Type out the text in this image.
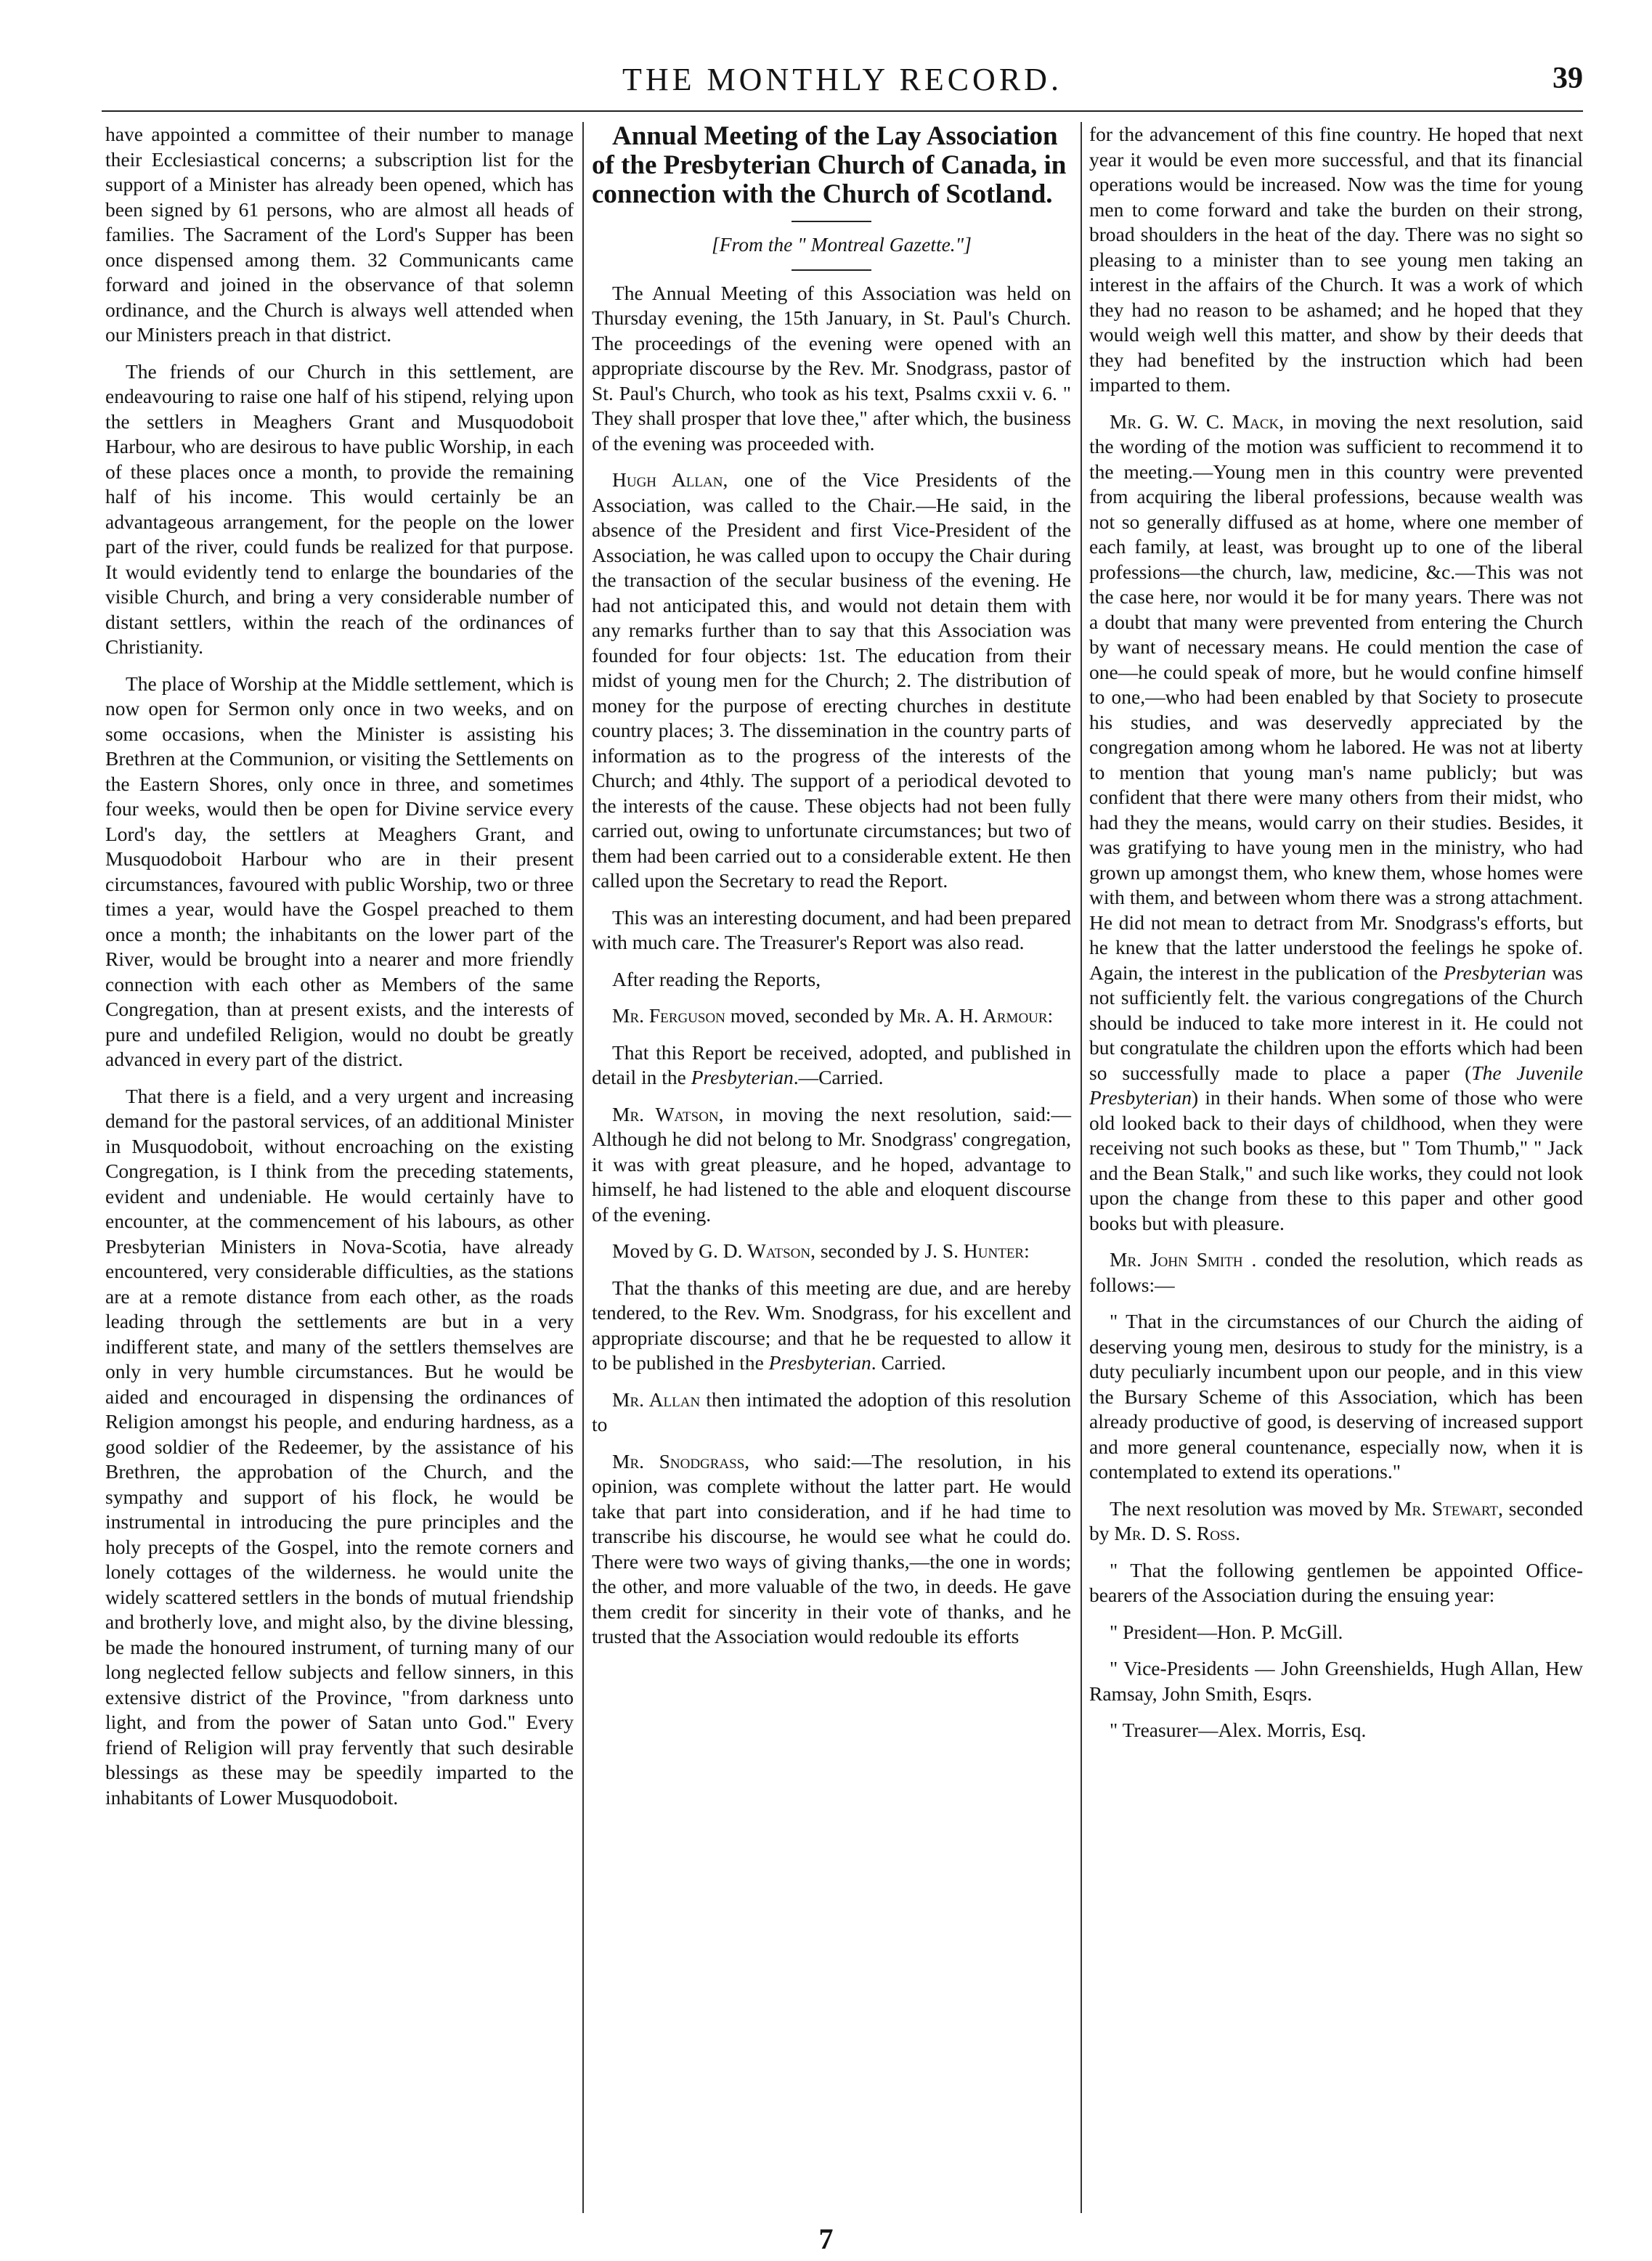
THE MONTHLY RECORD.	39

have appointed a committee of their number to manage their Ecclesiastical concerns; a subscription list for the support of a Minister has already been opened, which has been signed by 61 persons, who are almost all heads of families. The Sacrament of the Lord's Supper has been once dispensed among them. 32 Communicants came forward and joined in the observance of that solemn ordinance, and the Church is always well attended when our Ministers preach in that district.

The friends of our Church in this settlement, are endeavouring to raise one half of his stipend, relying upon the settlers in Meaghers Grant and Musquodoboit Harbour, who are desirous to have public Worship, in each of these places once a month, to provide the remaining half of his income. This would certainly be an advantageous arrangement, for the people on the lower part of the river, could funds be realized for that purpose. It would evidently tend to enlarge the boundaries of the visible Church, and bring a very considerable number of distant settlers, within the reach of the ordinances of Christianity.

The place of Worship at the Middle settlement, which is now open for Sermon only once in two weeks, and on some occasions, when the Minister is assisting his Brethren at the Communion, or visiting the Settlements on the Eastern Shores, only once in three, and sometimes four weeks, would then be open for Divine service every Lord's day, the settlers at Meaghers Grant, and Musquodoboit Harbour who are in their present circumstances, favoured with public Worship, two or three times a year, would have the Gospel preached to them once a month; the inhabitants on the lower part of the River, would be brought into a nearer and more friendly connection with each other as Members of the same Congregation, than at present exists, and the interests of pure and undefiled Religion, would no doubt be greatly advanced in every part of the district.

That there is a field, and a very urgent and increasing demand for the pastoral services, of an additional Minister in Musquodoboit, without encroaching on the existing Congregation, is I think from the preceding statements, evident and undeniable. He would certainly have to encounter, at the commencement of his labours, as other Presbyterian Ministers in Nova-Scotia, have already encountered, very considerable difficulties, as the stations are at a remote distance from each other, as the roads leading through the settlements are but in a very indifferent state, and many of the settlers themselves are only in very humble circumstances. But he would be aided and encouraged in dispensing the ordinances of Religion amongst his people, and enduring hardness, as a good soldier of the Redeemer, by the assistance of his Brethren, the approbation of the Church, and the sympathy and support of his flock, he would be instrumental in introducing the pure principles and the holy precepts of the Gospel, into the remote corners and lonely cottages of the wilderness. he would unite the widely scattered settlers in the bonds of mutual friendship and brotherly love, and might also, by the divine blessing, be made the honoured instrument, of turning many of our long neglected fellow subjects and fellow sinners, in this extensive district of the Province, "from darkness unto light, and from the power of Satan unto God." Every friend of Religion will pray fervently that such desirable blessings as these may be speedily imparted to the inhabitants of Lower Musquodoboit.

Annual Meeting of the Lay Association of the Presbyterian Church of Canada, in connection with the Church of Scotland.

[From the " Montreal Gazette."]

The Annual Meeting of this Association was held on Thursday evening, the 15th January, in St. Paul's Church. The proceedings of the evening were opened with an appropriate discourse by the Rev. Mr. Snodgrass, pastor of St. Paul's Church, who took as his text, Psalms cxxii v. 6. " They shall prosper that love thee," after which, the business of the evening was proceeded with.

Hugh Allan, one of the Vice Presidents of the Association, was called to the Chair.—He said, in the absence of the President and first Vice-President of the Association, he was called upon to occupy the Chair during the transaction of the secular business of the evening. He had not anticipated this, and would not detain them with any remarks further than to say that this Association was founded for four objects: 1st. The education from their midst of young men for the Church; 2. The distribution of money for the purpose of erecting churches in destitute country places; 3. The dissemination in the country parts of information as to the progress of the interests of the Church; and 4thly. The support of a periodical devoted to the interests of the cause. These objects had not been fully carried out, owing to unfortunate circumstances; but two of them had been carried out to a considerable extent. He then called upon the Secretary to read the Report.

This was an interesting document, and had been prepared with much care. The Treasurer's Report was also read.

After reading the Reports,

Mr. Ferguson moved, seconded by Mr. A. H. Armour:

That this Report be received, adopted, and published in detail in the Presbyterian.—Carried.

Mr. Watson, in moving the next resolution, said:—Although he did not belong to Mr. Snodgrass' congregation, it was with great pleasure, and he hoped, advantage to himself, he had listened to the able and eloquent discourse of the evening.

Moved by G. D. Watson, seconded by J. S. Hunter:

That the thanks of this meeting are due, and are hereby tendered, to the Rev. Wm. Snodgrass, for his excellent and appropriate discourse; and that he be requested to allow it to be published in the Presbyterian. Carried.

Mr. Allan then intimated the adoption of this resolution to

Mr. Snodgrass, who said:—The resolution, in his opinion, was complete without the latter part. He would take that part into consideration, and if he had time to transcribe his discourse, he would see what he could do. There were two ways of giving thanks,—the one in words; the other, and more valuable of the two, in deeds. He gave them credit for sincerity in their vote of thanks, and he trusted that the Association would redouble its efforts

for the advancement of this fine country. He hoped that next year it would be even more successful, and that its financial operations would be increased. Now was the time for young men to come forward and take the burden on their strong, broad shoulders in the heat of the day. There was no sight so pleasing to a minister than to see young men taking an interest in the affairs of the Church. It was a work of which they had no reason to be ashamed; and he hoped that they would weigh well this matter, and show by their deeds that they had benefited by the instruction which had been imparted to them.

Mr. G. W. C. Mack, in moving the next resolution, said the wording of the motion was sufficient to recommend it to the meeting.—Young men in this country were prevented from acquiring the liberal professions, because wealth was not so generally diffused as at home, where one member of each family, at least, was brought up to one of the liberal professions—the church, law, medicine, &c.—This was not the case here, nor would it be for many years. There was not a doubt that many were prevented from entering the Church by want of necessary means. He could mention the case of one—he could speak of more, but he would confine himself to one,—who had been enabled by that Society to prosecute his studies, and was deservedly appreciated by the congregation among whom he labored. He was not at liberty to mention that young man's name publicly; but was confident that there were many others from their midst, who had they the means, would carry on their studies. Besides, it was gratifying to have young men in the ministry, who had grown up amongst them, who knew them, whose homes were with them, and between whom there was a strong attachment. He did not mean to detract from Mr. Snodgrass's efforts, but he knew that the latter understood the feelings he spoke of. Again, the interest in the publication of the Presbyterian was not sufficiently felt. the various congregations of the Church should be induced to take more interest in it. He could not but congratulate the children upon the efforts which had been so successfully made to place a paper (The Juvenile Presbyterian) in their hands. When some of those who were old looked back to their days of childhood, when they were receiving not such books as these, but " Tom Thumb," " Jack and the Bean Stalk," and such like works, they could not look upon the change from these to this paper and other good books but with pleasure.

Mr. John Smith . conded the resolution, which reads as follows:—

" That in the circumstances of our Church the aiding of deserving young men, desirous to study for the ministry, is a duty peculiarly incumbent upon our people, and in this view the Bursary Scheme of this Association, which has been already productive of good, is deserving of increased support and more general countenance, especially now, when it is contemplated to extend its operations."

The next resolution was moved by Mr. Stewart, seconded by Mr. D. S. Ross.

" That the following gentlemen be appointed Office-bearers of the Association during the ensuing year:

" President—Hon. P. McGill.

" Vice-Presidents — John Greenshields, Hugh Allan, Hew Ramsay, John Smith, Esqrs.

" Treasurer—Alex. Morris, Esq.

7
